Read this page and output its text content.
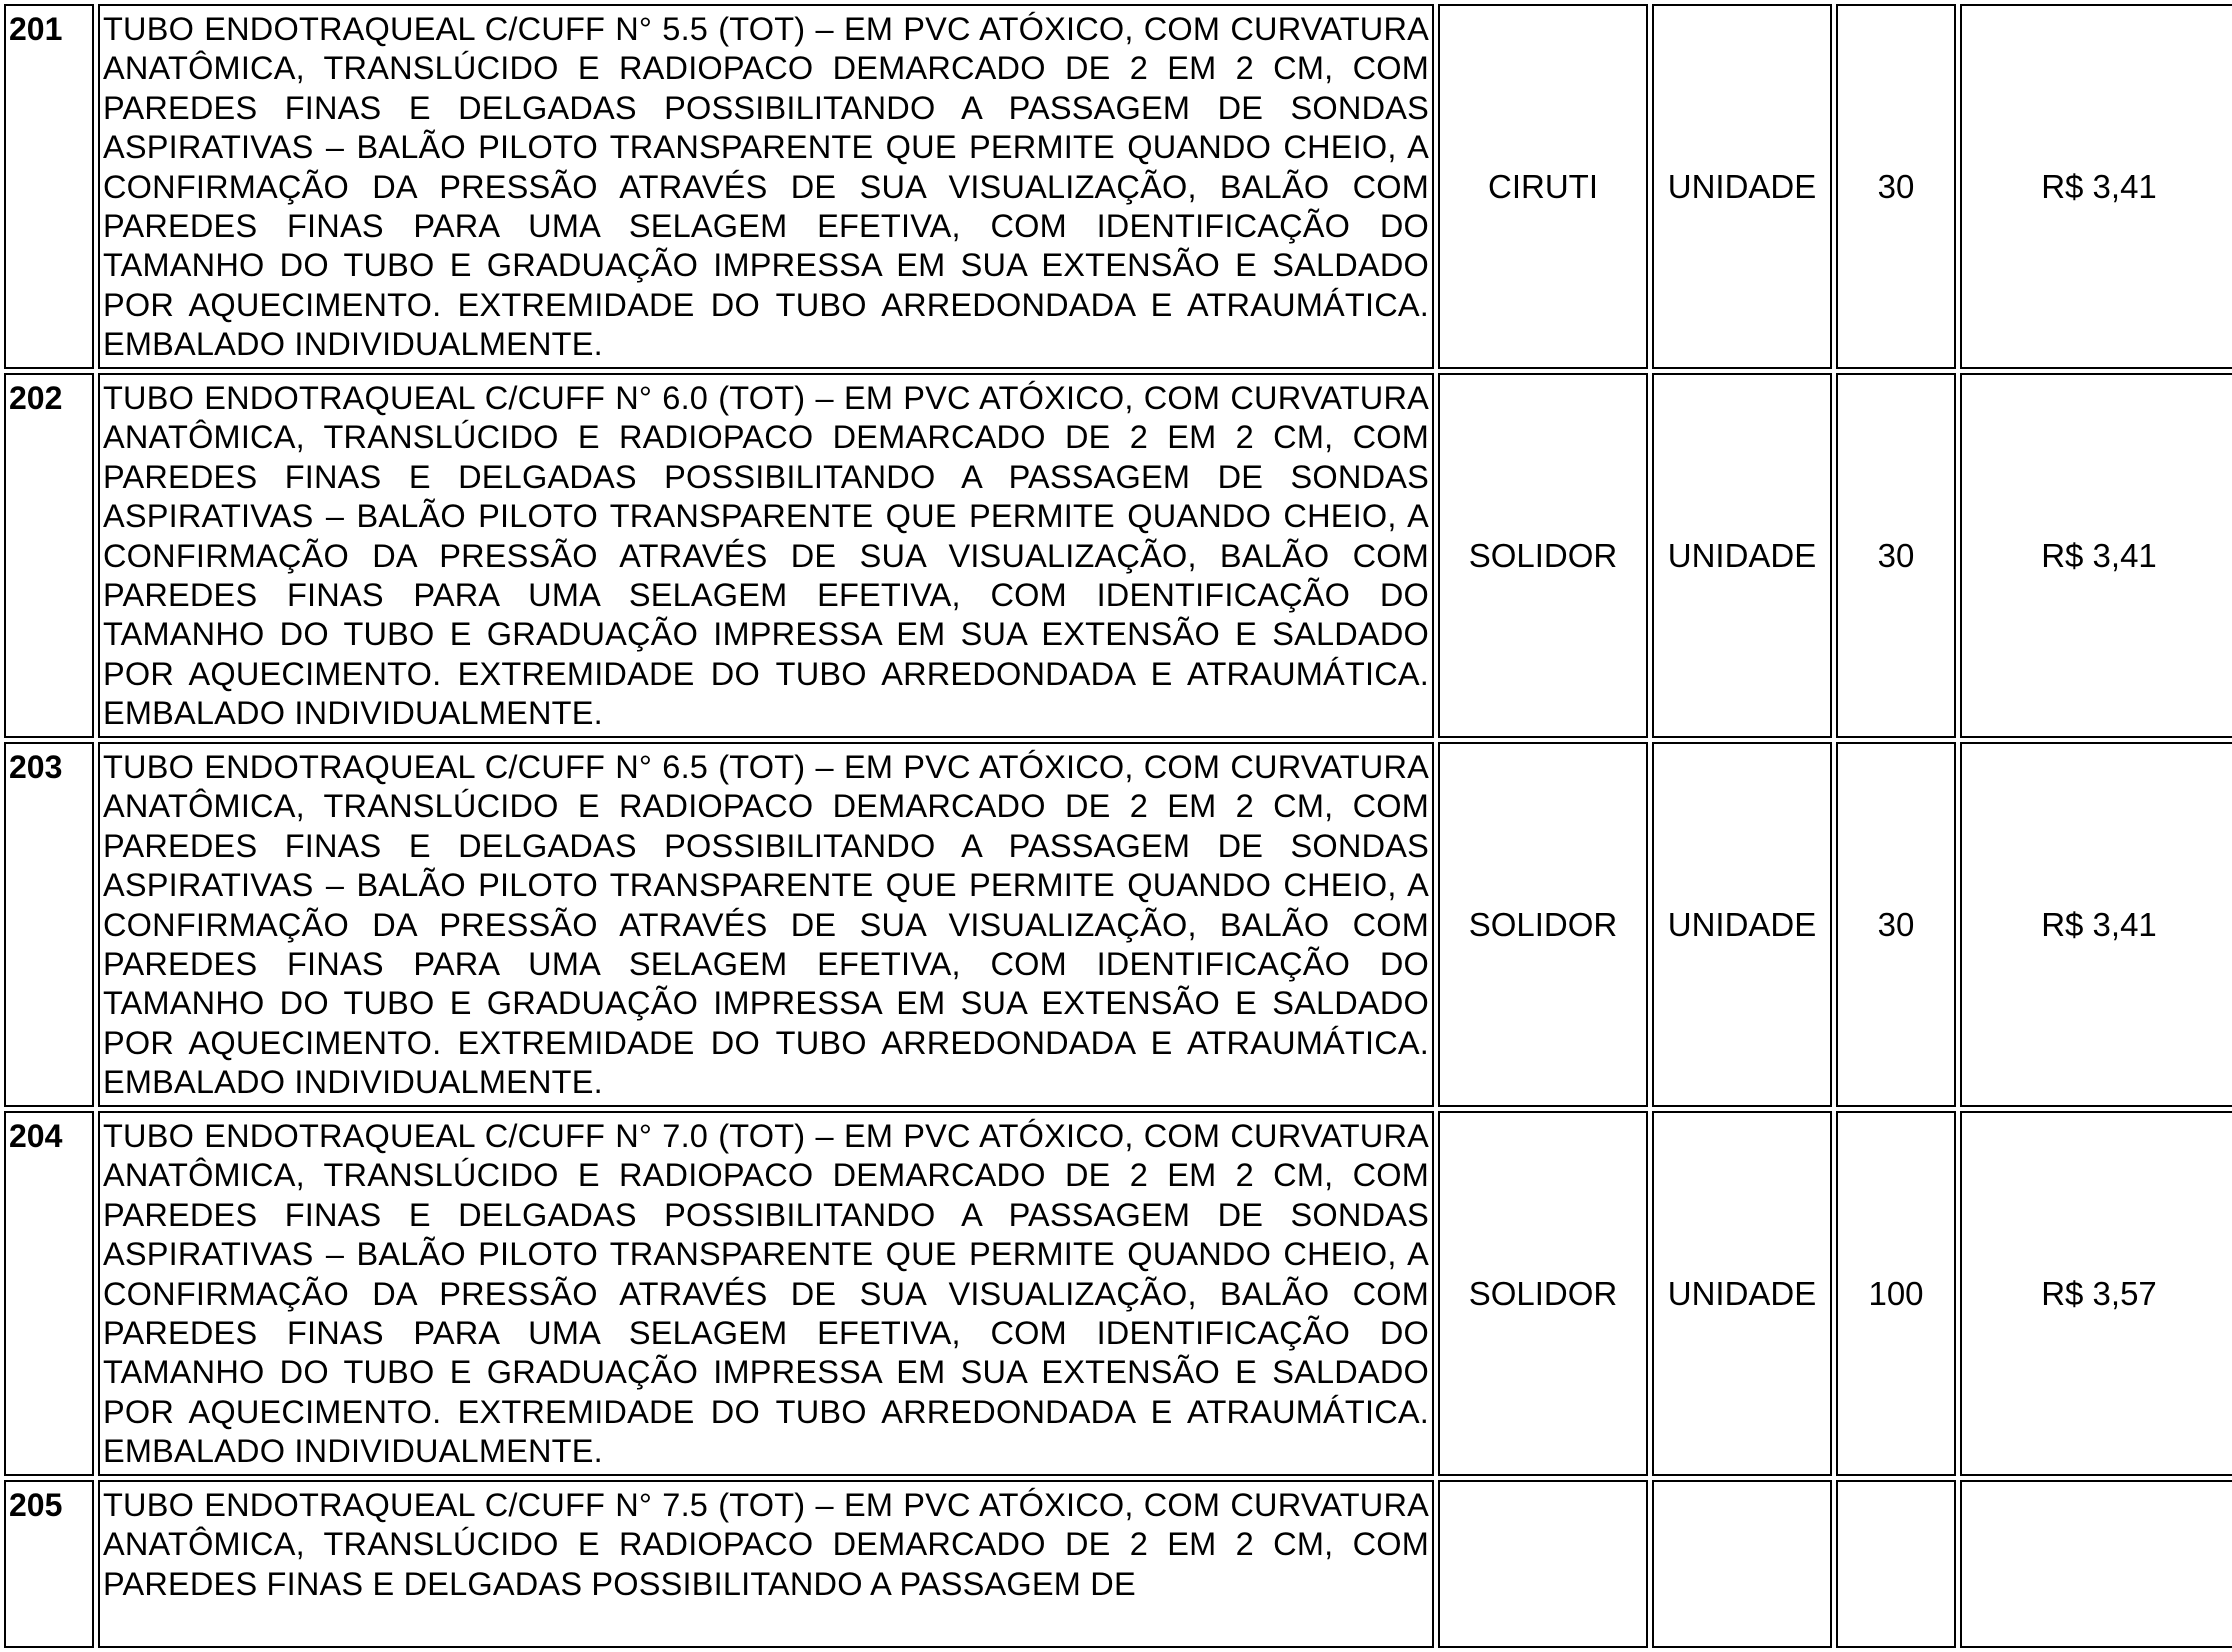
201	TUBO ENDOTRAQUEAL C/CUFF N° 5.5 (TOT) – EM PVC ATÓXICO, COM CURVATURA ANATÔMICA, TRANSLÚCIDO E RADIOPACO DEMARCADO DE 2 EM 2 CM, COM PAREDES FINAS E DELGADAS POSSIBILITANDO A PASSAGEM DE SONDAS ASPIRATIVAS – BALÃO PILOTO TRANSPARENTE QUE PERMITE QUANDO CHEIO, A CONFIRMAÇÃO DA PRESSÃO ATRAVÉS DE SUA VISUALIZAÇÃO, BALÃO COM PAREDES FINAS PARA UMA SELAGEM EFETIVA, COM IDENTIFICAÇÃO DO TAMANHO DO TUBO E GRADUAÇÃO IMPRESSA EM SUA EXTENSÃO E SALDADO POR AQUECIMENTO. EXTREMIDADE DO TUBO ARREDONDADA E ATRAUMÁTICA. EMBALADO INDIVIDUALMENTE.	CIRUTI	UNIDADE	30	R$ 3,41
202	TUBO ENDOTRAQUEAL C/CUFF N° 6.0 (TOT) – EM PVC ATÓXICO, COM CURVATURA ANATÔMICA, TRANSLÚCIDO E RADIOPACO DEMARCADO DE 2 EM 2 CM, COM PAREDES FINAS E DELGADAS POSSIBILITANDO A PASSAGEM DE SONDAS ASPIRATIVAS – BALÃO PILOTO TRANSPARENTE QUE PERMITE QUANDO CHEIO, A CONFIRMAÇÃO DA PRESSÃO ATRAVÉS DE SUA VISUALIZAÇÃO, BALÃO COM PAREDES FINAS PARA UMA SELAGEM EFETIVA, COM IDENTIFICAÇÃO DO TAMANHO DO TUBO E GRADUAÇÃO IMPRESSA EM SUA EXTENSÃO E SALDADO POR AQUECIMENTO. EXTREMIDADE DO TUBO ARREDONDADA E ATRAUMÁTICA. EMBALADO INDIVIDUALMENTE.	SOLIDOR	UNIDADE	30	R$ 3,41
203	TUBO ENDOTRAQUEAL C/CUFF N° 6.5 (TOT) – EM PVC ATÓXICO, COM CURVATURA ANATÔMICA, TRANSLÚCIDO E RADIOPACO DEMARCADO DE 2 EM 2 CM, COM PAREDES FINAS E DELGADAS POSSIBILITANDO A PASSAGEM DE SONDAS ASPIRATIVAS – BALÃO PILOTO TRANSPARENTE QUE PERMITE QUANDO CHEIO, A CONFIRMAÇÃO DA PRESSÃO ATRAVÉS DE SUA VISUALIZAÇÃO, BALÃO COM PAREDES FINAS PARA UMA SELAGEM EFETIVA, COM IDENTIFICAÇÃO DO TAMANHO DO TUBO E GRADUAÇÃO IMPRESSA EM SUA EXTENSÃO E SALDADO POR AQUECIMENTO. EXTREMIDADE DO TUBO ARREDONDADA E ATRAUMÁTICA. EMBALADO INDIVIDUALMENTE.	SOLIDOR	UNIDADE	30	R$ 3,41
204	TUBO ENDOTRAQUEAL C/CUFF N° 7.0 (TOT) – EM PVC ATÓXICO, COM CURVATURA ANATÔMICA, TRANSLÚCIDO E RADIOPACO DEMARCADO DE 2 EM 2 CM, COM PAREDES FINAS E DELGADAS POSSIBILITANDO A PASSAGEM DE SONDAS ASPIRATIVAS – BALÃO PILOTO TRANSPARENTE QUE PERMITE QUANDO CHEIO, A CONFIRMAÇÃO DA PRESSÃO ATRAVÉS DE SUA VISUALIZAÇÃO, BALÃO COM PAREDES FINAS PARA UMA SELAGEM EFETIVA, COM IDENTIFICAÇÃO DO TAMANHO DO TUBO E GRADUAÇÃO IMPRESSA EM SUA EXTENSÃO E SALDADO POR AQUECIMENTO. EXTREMIDADE DO TUBO ARREDONDADA E ATRAUMÁTICA. EMBALADO INDIVIDUALMENTE.	SOLIDOR	UNIDADE	100	R$ 3,57
205	TUBO ENDOTRAQUEAL C/CUFF N° 7.5 (TOT) – EM PVC ATÓXICO, COM CURVATURA ANATÔMICA, TRANSLÚCIDO E RADIOPACO DEMARCADO DE 2 EM 2 CM, COM PAREDES FINAS E DELGADAS POSSIBILITANDO A PASSAGEM DE				
